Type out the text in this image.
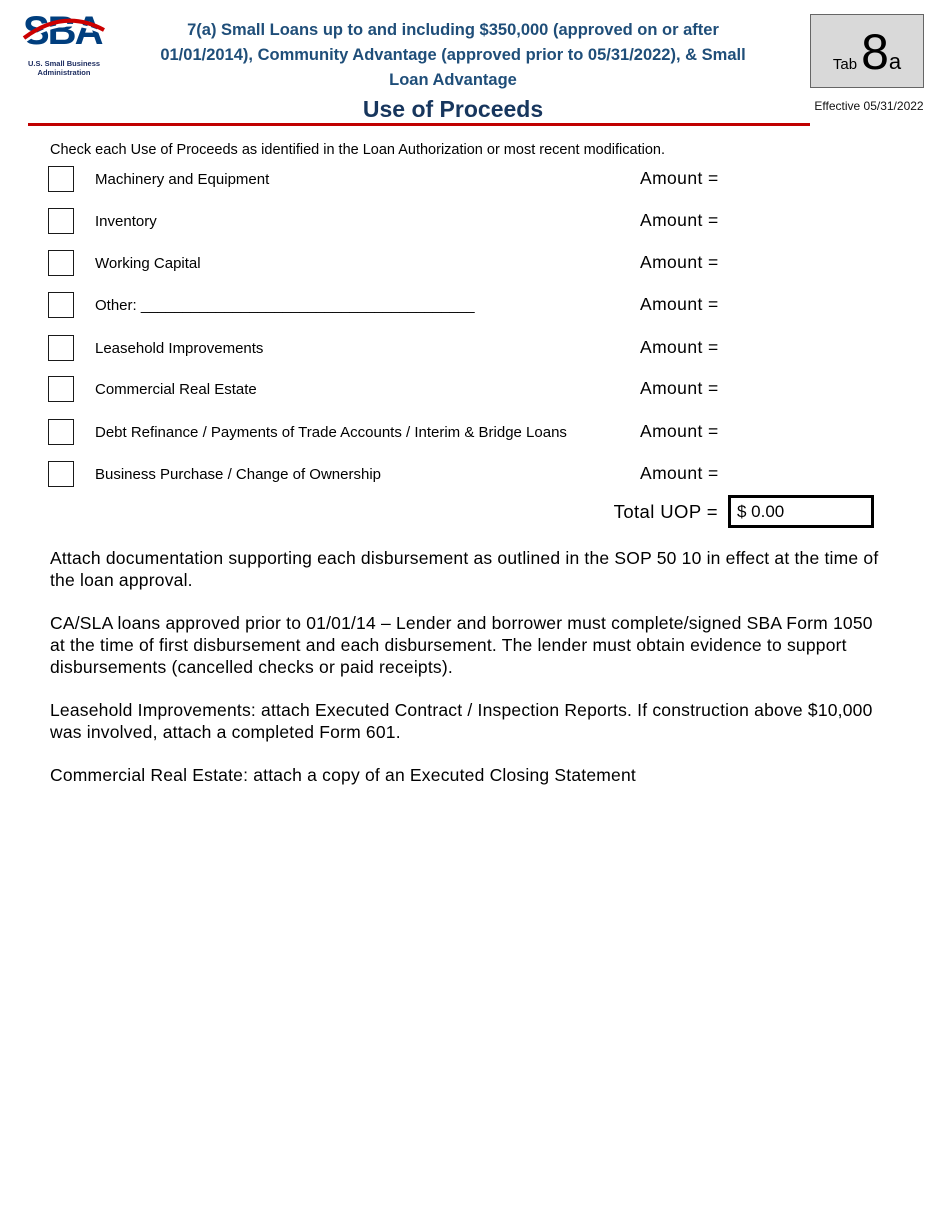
SBA
U.S. Small Business
Administration
7(a) Small Loans up to and including $350,000 (approved on or after
01/01/2014), Community Advantage (approved prior to 05/31/2022), & Small
Loan Advantage
Use of Proceeds
Tab 8 a
Effective 05/31/2022
Check each Use of Proceeds as identified in the Loan Authorization or most recent modification.
Machinery and Equipment	Amount =
Inventory	Amount =
Working Capital	Amount =
Other: ________________________________________	Amount =
Leasehold Improvements	Amount =
Commercial Real Estate	Amount =
Debt Refinance / Payments of Trade Accounts / Interim & Bridge Loans	Amount =
Business Purchase / Change of Ownership	Amount =
Total UOP =
$ 0.00

Attach documentation supporting each disbursement as outlined in the SOP 50 10 in effect at the time of the loan approval.

CA/SLA loans approved prior to 01/01/14 – Lender and borrower must complete/signed SBA Form 1050 at the time of first disbursement and each disbursement. The lender must obtain evidence to support disbursements (cancelled checks or paid receipts).

Leasehold Improvements: attach Executed Contract / Inspection Reports. If construction above $10,000 was involved, attach a completed Form 601.

Commercial Real Estate: attach a copy of an Executed Closing Statement
